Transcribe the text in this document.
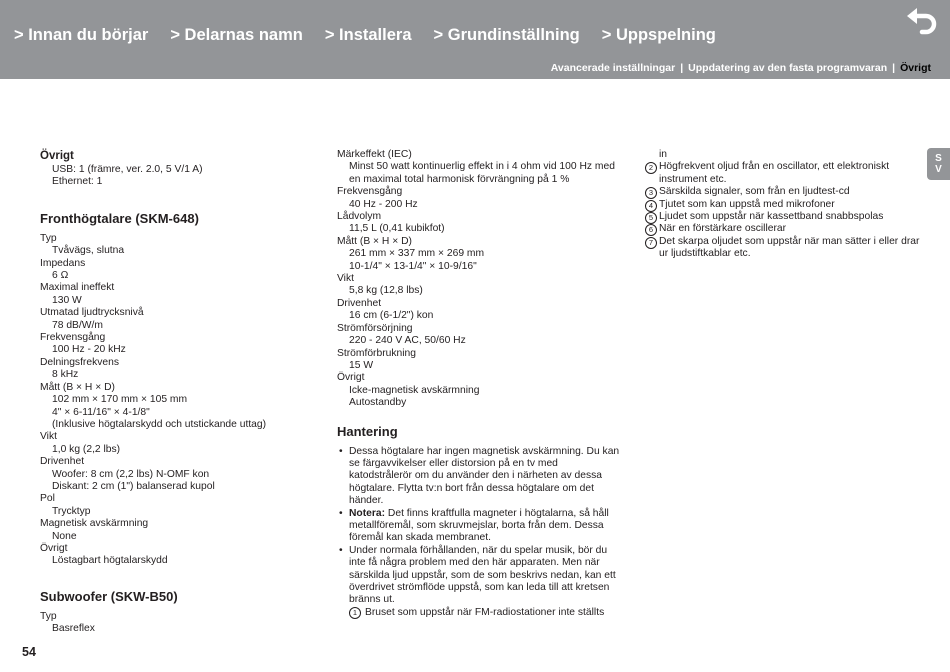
> Innan du börjar > Delarnas namn > Installera > Grundinställning > Uppspelning
Avancerade inställningar | Uppdatering av den fasta programvaran | Övrigt
S
V
Övrigt
USB: 1 (främre, ver. 2.0, 5 V/1 A)
Ethernet: 1
Fronthögtalare (SKM-648)
Typ
Tvåvägs, slutna
Impedans
6 Ω
Maximal ineffekt
130 W
Utmatad ljudtrycksnivå
78 dB/W/m
Frekvensgång
100 Hz - 20 kHz
Delningsfrekvens
8 kHz
Mått (B × H × D)
102 mm × 170 mm × 105 mm
4" × 6-11/16" × 4-1/8"
(Inklusive högtalarskydd och utstickande uttag)
Vikt
1,0 kg (2,2 lbs)
Drivenhet
Woofer: 8 cm (2,2 lbs) N-OMF kon
Diskant: 2 cm (1") balanserad kupol
Pol
Trycktyp
Magnetisk avskärmning
None
Övrigt
Löstagbart högtalarskydd
Subwoofer (SKW-B50)
Typ
Basreflex
Märkeffekt (IEC)
Minst 50 watt kontinuerlig effekt in i 4 ohm vid 100 Hz med en maximal total harmonisk förvrängning på 1 %
Frekvensgång
40 Hz - 200 Hz
Lådvolym
11,5 L (0,41 kubikfot)
Mått (B × H × D)
261 mm × 337 mm × 269 mm
10-1/4" × 13-1/4" × 10-9/16"
Vikt
5,8 kg (12,8 lbs)
Drivenhet
16 cm (6-1/2") kon
Strömförsörjning
220 - 240 V AC, 50/60 Hz
Strömförbrukning
15 W
Övrigt
Icke-magnetisk avskärmning
Autostandby
Hantering
• Dessa högtalare har ingen magnetisk avskärmning. Du kan se färgavvikelser eller distorsion på en tv med katodstrålerör om du använder den i närheten av dessa högtalare. Flytta tv:n bort från dessa högtalare om det händer.
• Notera: Det finns kraftfulla magneter i högtalarna, så håll metallföremål, som skruvmejslar, borta från dem. Dessa föremål kan skada membranet.
• Under normala förhållanden, när du spelar musik, bör du inte få några problem med den här apparaten. Men när särskilda ljud uppstår, som de som beskrivs nedan, kan ett överdrivet strömflöde uppstå, som kan leda till att kretsen bränns ut.
1 Bruset som uppstår när FM-radiostationer inte ställts
in
2 Högfrekvent oljud från en oscillator, ett elektroniskt instrument etc.
3 Särskilda signaler, som från en ljudtest-cd
4 Tjutet som kan uppstå med mikrofoner
5 Ljudet som uppstår när kassettband snabbspolas
6 När en förstärkare oscillerar
7 Det skarpa oljudet som uppstår när man sätter i eller drar ur ljudstiftkablar etc.
54
